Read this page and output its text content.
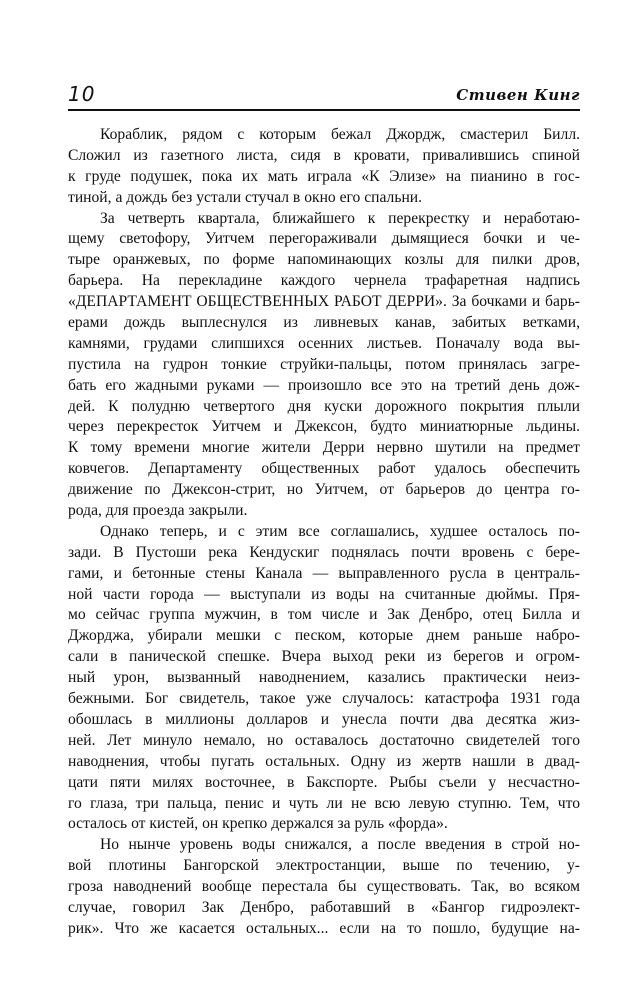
10	Стивен Кинг
Кораблик, рядом с которым бежал Джордж, смастерил Билл.
Сложил из газетного листа, сидя в кровати, привалившись спиной
к груде подушек, пока их мать играла «К Элизе» на пианино в гос-
тиной, а дождь без устали стучал в окно его спальни.
За четверть квартала, ближайшего к перекрестку и неработаю-
щему светофору, Уитчем перегораживали дымящиеся бочки и че-
тыре оранжевых, по форме напоминающих козлы для пилки дров,
барьера. На перекладине каждого чернела трафаретная надпись
«ДЕПАРТАМЕНТ ОБЩЕСТВЕННЫХ РАБОТ ДЕРРИ». За бочками и барь-
ерами дождь выплеснулся из ливневых канав, забитых ветками,
камнями, грудами слипшихся осенних листьев. Поначалу вода вы-
пустила на гудрон тонкие струйки-пальцы, потом принялась загре-
бать его жадными руками — произошло все это на третий день дож-
дей. К полудню четвертого дня куски дорожного покрытия плыли
через перекресток Уитчем и Джексон, будто миниатюрные льдины.
К тому времени многие жители Дерри нервно шутили на предмет
ковчегов. Департаменту общественных работ удалось обеспечить
движение по Джексон-стрит, но Уитчем, от барьеров до центра го-
рода, для проезда закрыли.
Однако теперь, и с этим все соглашались, худшее осталось по-
зади. В Пустоши река Кендускиг поднялась почти вровень с бере-
гами, и бетонные стены Канала — выправленного русла в централь-
ной части города — выступали из воды на считанные дюймы. Пря-
мо сейчас группа мужчин, в том числе и Зак Денбро, отец Билла и
Джорджа, убирали мешки с песком, которые днем раньше набро-
сали в панической спешке. Вчера выход реки из берегов и огром-
ный урон, вызванный наводнением, казались практически неиз-
бежными. Бог свидетель, такое уже случалось: катастрофа 1931 года
обошлась в миллионы долларов и унесла почти два десятка жиз-
ней. Лет минуло немало, но оставалось достаточно свидетелей того
наводнения, чтобы пугать остальных. Одну из жертв нашли в двад-
цати пяти милях восточнее, в Бакспорте. Рыбы съели у несчастно-
го глаза, три пальца, пенис и чуть ли не всю левую ступню. Тем, что
осталось от кистей, он крепко держался за руль «форда».
Но нынче уровень воды снижался, а после введения в строй но-
вой плотины Бангорской электростанции, выше по течению, у-
гроза наводнений вообще перестала бы существовать. Так, во всяком
случае, говорил Зак Денбро, работавший в «Бангор гидроэлект-
рик». Что же касается остальных... если на то пошло, будущие на-
